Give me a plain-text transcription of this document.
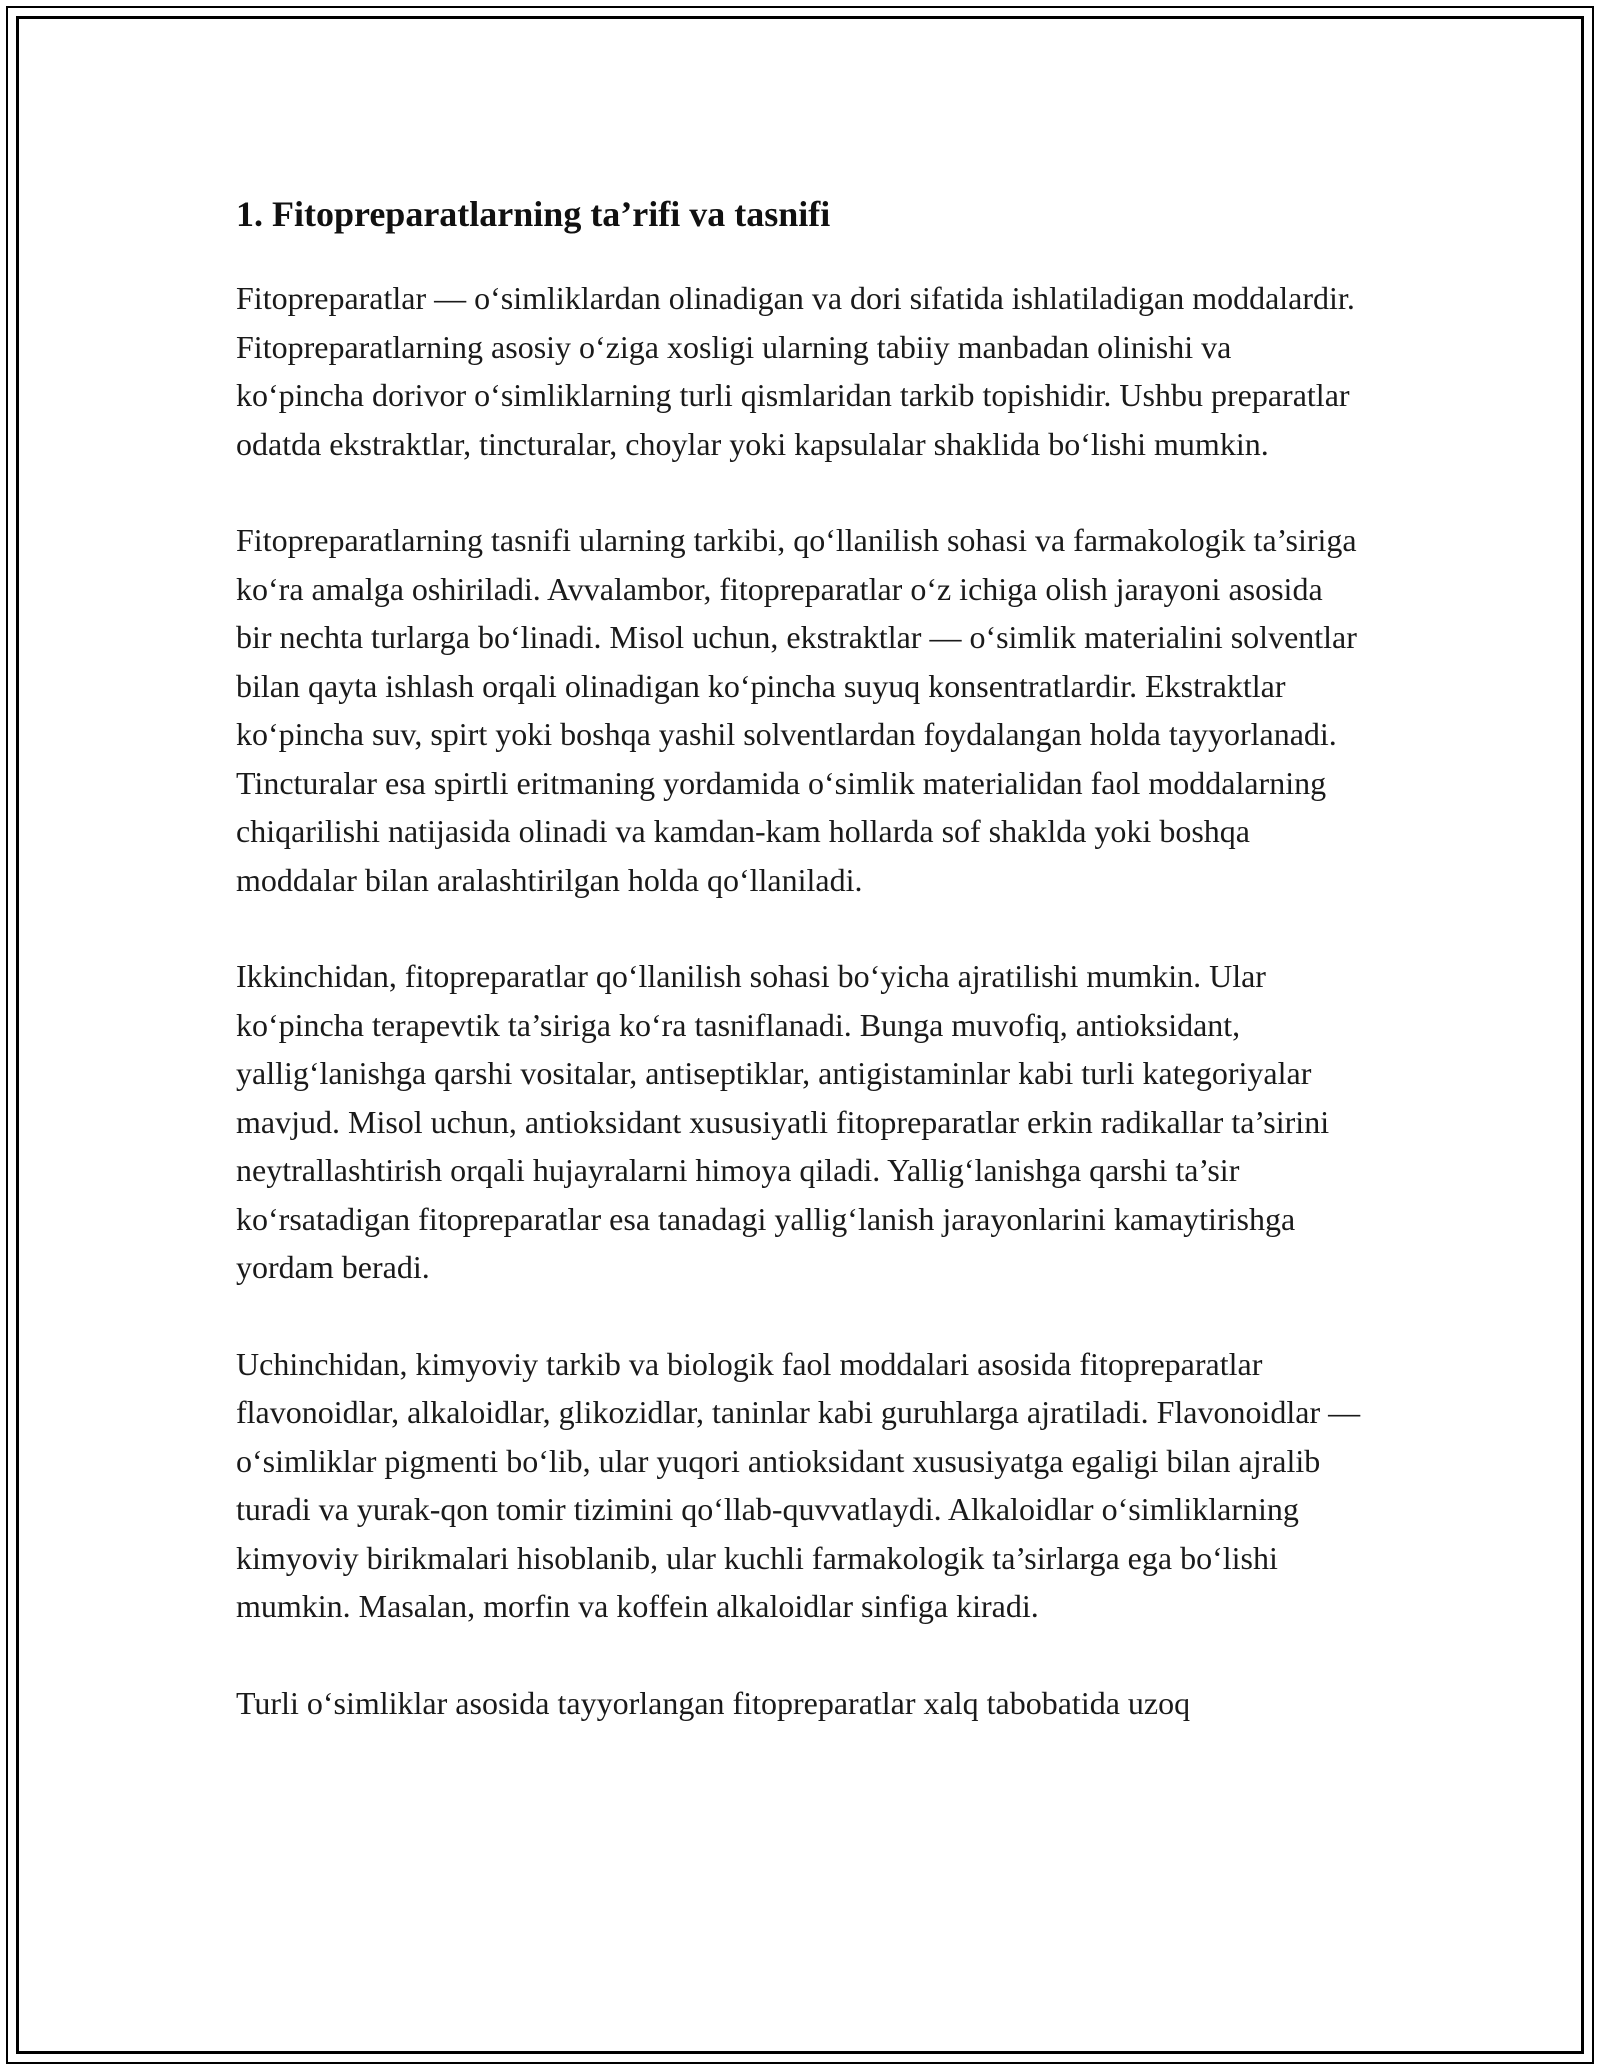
1. Fitopreparatlarning ta’rifi va tasnifi

Fitopreparatlar — o‘simliklardan olinadigan va dori sifatida ishlatiladigan moddalardir. Fitopreparatlarning asosiy o‘ziga xosligi ularning tabiiy manbadan olinishi va ko‘pincha dorivor o‘simliklarning turli qismlaridan tarkib topishidir. Ushbu preparatlar odatda ekstraktlar, tincturalar, choylar yoki kapsulalar shaklida bo‘lishi mumkin.

Fitopreparatlarning tasnifi ularning tarkibi, qo‘llanilish sohasi va farmakologik ta’siriga ko‘ra amalga oshiriladi. Avvalambor, fitopreparatlar o‘z ichiga olish jarayoni asosida bir nechta turlarga bo‘linadi. Misol uchun, ekstraktlar — o‘simlik materialini solventlar bilan qayta ishlash orqali olinadigan ko‘pincha suyuq konsentratlardir. Ekstraktlar ko‘pincha suv, spirt yoki boshqa yashil solventlardan foydalangan holda tayyorlanadi. Tincturalar esa spirtli eritmaning yordamida o‘simlik materialidan faol moddalarning chiqarilishi natijasida olinadi va kamdan-kam hollarda sof shakldа yoki boshqa moddalar bilan aralashtirilgan holda qo‘llaniladi.

Ikkinchidan, fitopreparatlar qo‘llanilish sohasi bo‘yicha ajratilishi mumkin. Ular ko‘pincha terapevtik ta’siriga ko‘ra tasniflanadi. Bunga muvofiq, antioksidant, yallig‘lanishga qarshi vositalar, antiseptiklar, antigistaminlar kabi turli kategoriyalar mavjud. Misol uchun, antioksidant xususiyatli fitopreparatlar erkin radikallar ta’sirini neytrallashtirish orqali hujayralarni himoya qiladi. Yallig‘lanishga qarshi ta’sir ko‘rsatadigan fitopreparatlar esa tanadagi yallig‘lanish jarayonlarini kamaytirishga yordam beradi.

Uchinchidan, kimyoviy tarkib va biologik faol moddalari asosida fitopreparatlar flavonoidlar, alkaloidlar, glikozidlar, taninlar kabi guruhlarga ajratiladi. Flavonoidlar — o‘simliklar pigmenti bo‘lib, ular yuqori antioksidant xususiyatga egaligi bilan ajralib turadi va yurak-qon tomir tizimini qo‘llab-quvvatlaydi. Alkaloidlar o‘simliklarning kimyoviy birikmalari hisoblanib, ular kuchli farmakologik ta’sirlarga ega bo‘lishi mumkin. Masalan, morfin va koffein alkaloidlar sinfiga kiradi.

Turli o‘simliklar asosida tayyorlangan fitopreparatlar xalq tabobatida uzoq
